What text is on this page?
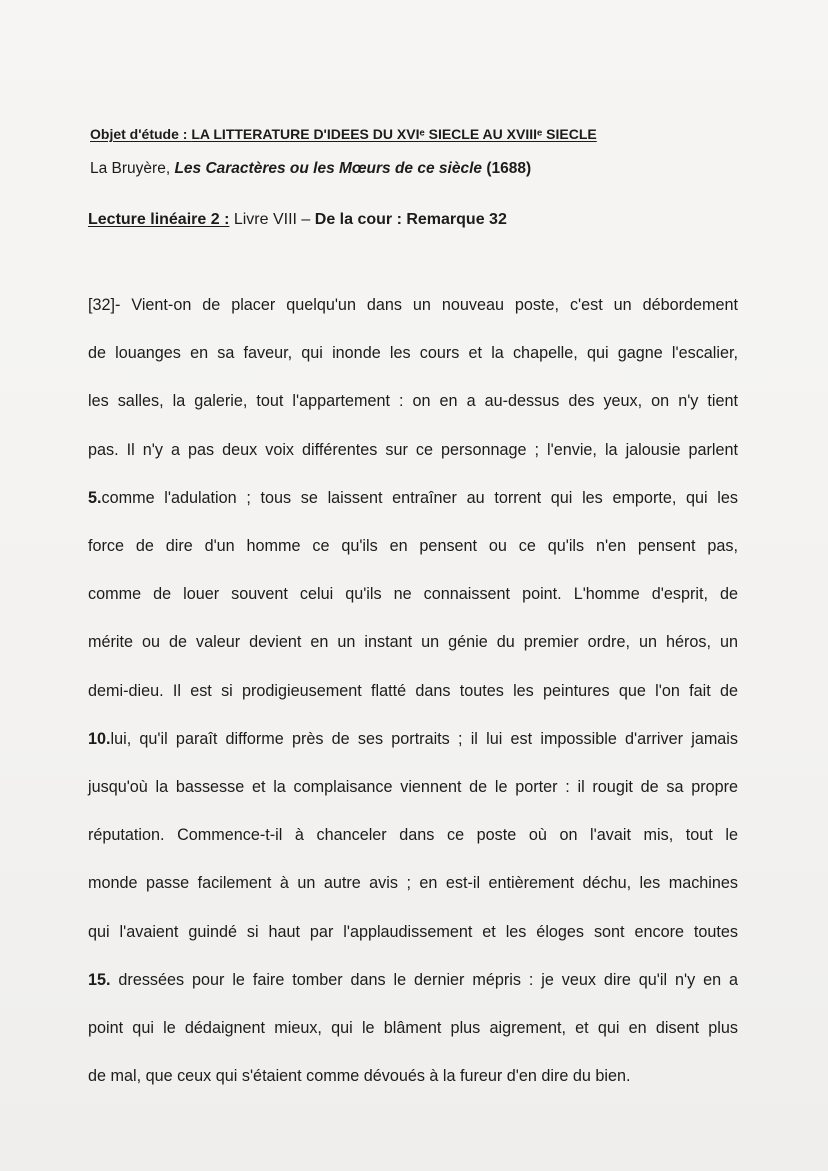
Objet d'étude : LA LITTERATURE D'IDEES DU XVIᵉ SIECLE AU XVIIIᵉ SIECLE
La Bruyère, Les Caractères ou les Mœurs de ce siècle (1688)
Lecture linéaire 2 : Livre VIII – De la cour : Remarque 32
[32]- Vient-on de placer quelqu'un dans un nouveau poste, c'est un débordement
de louanges en sa faveur, qui inonde les cours et la chapelle, qui gagne l'escalier,
les salles, la galerie, tout l'appartement : on en a au-dessus des yeux, on n'y tient
pas. Il n'y a pas deux voix différentes sur ce personnage ; l'envie, la jalousie parlent
5.comme l'adulation ; tous se laissent entraîner au torrent qui les emporte, qui les
force de dire d'un homme ce qu'ils en pensent ou ce qu'ils n'en pensent pas,
comme de louer souvent celui qu'ils ne connaissent point. L'homme d'esprit, de
mérite ou de valeur devient en un instant un génie du premier ordre, un héros, un
demi-dieu. Il est si prodigieusement flatté dans toutes les peintures que l'on fait de
10.lui, qu'il paraît difforme près de ses portraits ; il lui est impossible d'arriver jamais
jusqu'où la bassesse et la complaisance viennent de le porter : il rougit de sa propre
réputation. Commence-t-il à chanceler dans ce poste où on l'avait mis, tout le
monde passe facilement à un autre avis ; en est-il entièrement déchu, les machines
qui l'avaient guindé si haut par l'applaudissement et les éloges sont encore toutes
15. dressées pour le faire tomber dans le dernier mépris : je veux dire qu'il n'y en a
point qui le dédaignent mieux, qui le blâment plus aigrement, et qui en disent plus
de mal, que ceux qui s'étaient comme dévoués à la fureur d'en dire du bien.
